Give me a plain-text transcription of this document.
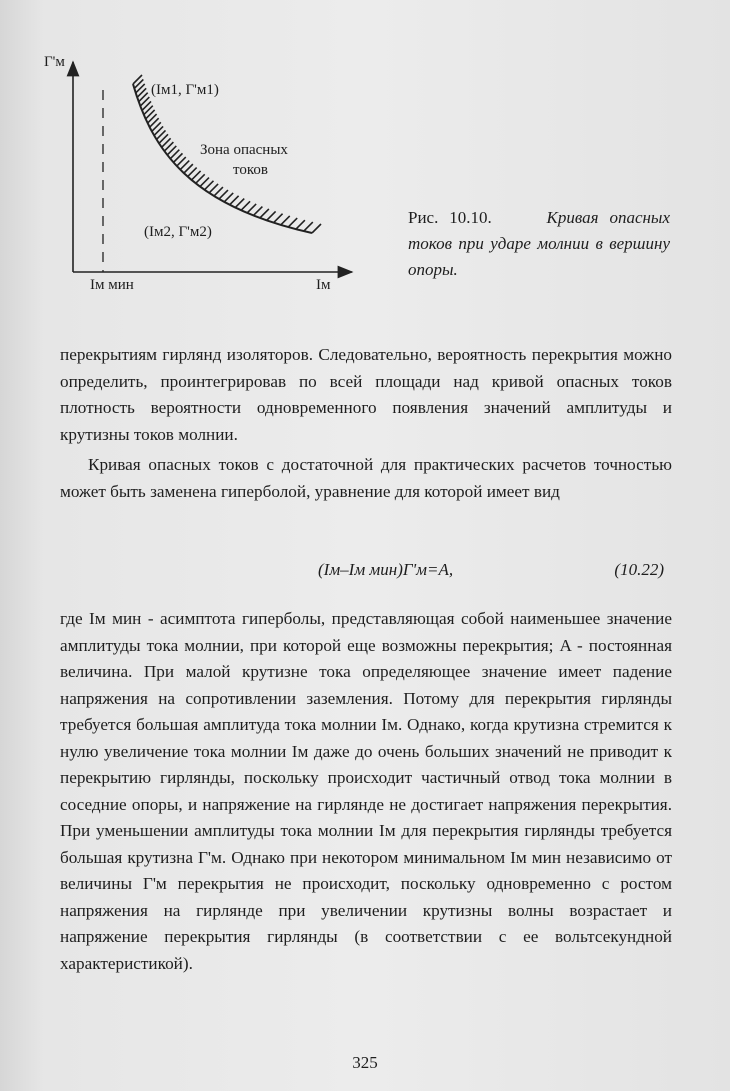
Г'м
(Iм1, Г'м1)
Зона опасных
токов
(Iм2, Г'м2)
Iм мин	Iм
Рис. 10.10.	Кривая опасных токов при ударе молнии в вершину опоры.

перекрытиям гирлянд изоляторов. Следовательно, вероятность перекрытия можно определить, проинтегрировав по всей площади над кривой опасных токов плотность вероятности одновременного появления значений амплитуды и крутизны токов молнии.

Кривая опасных токов с достаточной для практических расчетов точностью может быть заменена гиперболой, уравнение для которой имеет вид

(Iм–Iм мин)Г'м=A,	(10.22)

где Iм мин - асимптота гиперболы, представляющая собой наименьшее значение амплитуды тока молнии, при которой еще возможны перекрытия; A - постоянная величина. При малой крутизне тока определяющее значение имеет падение напряжения на сопротивлении заземления. Потому для перекрытия гирлянды требуется большая амплитуда тока молнии Iм. Однако, когда крутизна стремится к нулю увеличение тока молнии Iм даже до очень больших значений не приводит к перекрытию гирлянды, поскольку происходит частичный отвод тока молнии в соседние опоры, и напряжение на гирлянде не достигает напряжения перекрытия. При уменьшении амплитуды тока молнии Iм для перекрытия гирлянды требуется большая крутизна Г'м. Однако при некотором минимальном Iм мин независимо от величины Г'м перекрытия не происходит, поскольку одновременно с ростом напряжения на гирлянде при увеличении крутизны волны возрастает и напряжение перекрытия гирлянды (в соответствии с ее вольтсекундной характеристикой).

325
